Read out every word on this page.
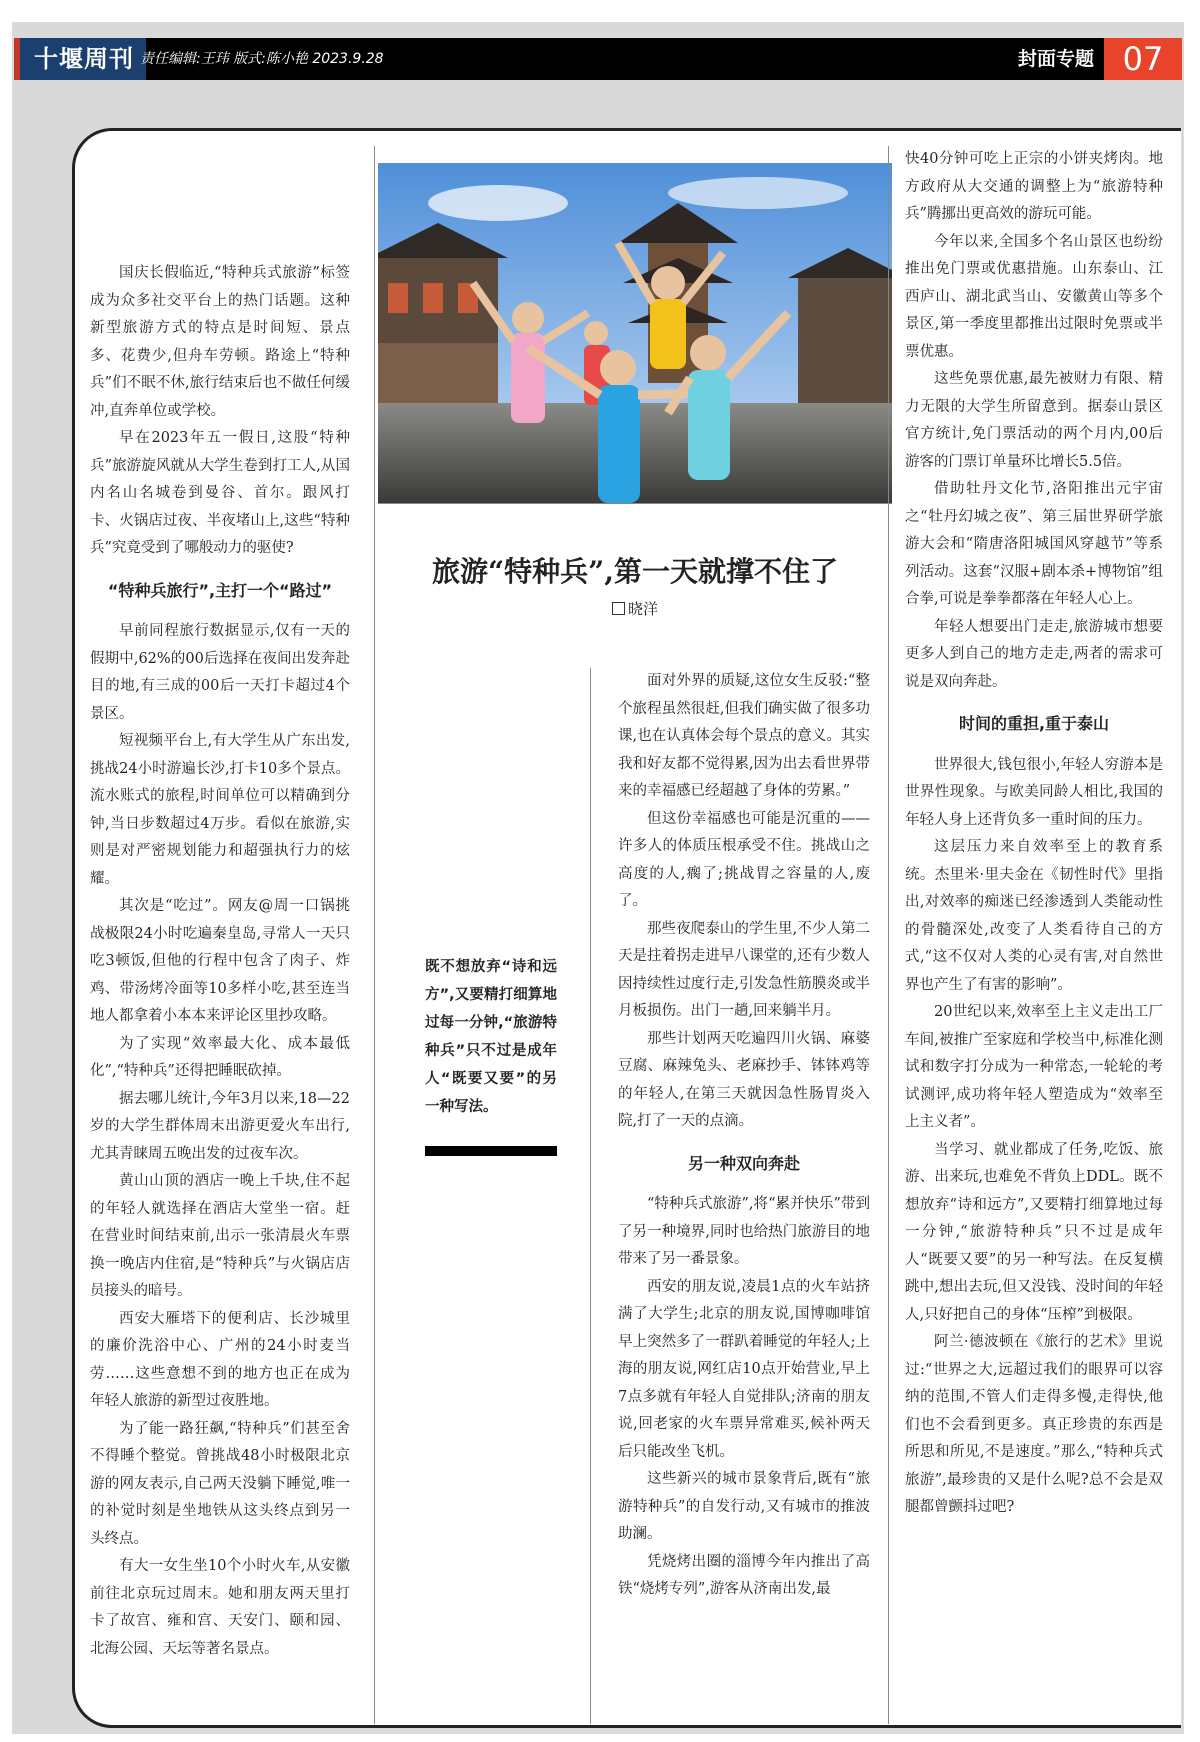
十堰周刊 责任编辑:王玮 版式:陈小艳 2023.9.28	封面专题 07
旅游“特种兵”,第一天就撑不住了
晓洋

国庆长假临近,“特种兵式旅游”标签成为众多社交平台上的热门话题。这种新型旅游方式的特点是时间短、景点多、花费少,但舟车劳顿。路途上“特种兵”们不眠不休,旅行结束后也不做任何缓冲,直奔单位或学校。

早在2023年五一假日,这股“特种兵”旅游旋风就从大学生卷到打工人,从国内名山名城卷到曼谷、首尔。跟风打卡、火锅店过夜、半夜堵山上,这些“特种兵”究竟受到了哪般动力的驱使?

“特种兵旅行”,主打一个“路过”

早前同程旅行数据显示,仅有一天的假期中,62%的00后选择在夜间出发奔赴目的地,有三成的00后一天打卡超过4个景区。

短视频平台上,有大学生从广东出发,挑战24小时游遍长沙,打卡10多个景点。流水账式的旅程,时间单位可以精确到分钟,当日步数超过4万步。看似在旅游,实则是对严密规划能力和超强执行力的炫耀。

其次是“吃过”。网友@周一口锅挑战极限24小时吃遍秦皇岛,寻常人一天只吃3顿饭,但他的行程中包含了肉子、炸鸡、带汤烤冷面等10多样小吃,甚至连当地人都拿着小本本来评论区里抄攻略。

为了实现“效率最大化、成本最低化”,“特种兵”还得把睡眠砍掉。

据去哪儿统计,今年3月以来,18—22岁的大学生群体周末出游更爱火车出行,尤其青睐周五晚出发的过夜车次。

黄山山顶的酒店一晚上千块,住不起的年轻人就选择在酒店大堂坐一宿。赶在营业时间结束前,出示一张清晨火车票换一晚店内住宿,是“特种兵”与火锅店店员接头的暗号。

西安大雁塔下的便利店、长沙城里的廉价洗浴中心、广州的24小时麦当劳……这些意想不到的地方也正在成为年轻人旅游的新型过夜胜地。

为了能一路狂飙,“特种兵”们甚至舍不得睡个整觉。曾挑战48小时极限北京游的网友表示,自己两天没躺下睡觉,唯一的补觉时刻是坐地铁从这头终点到另一头终点。

有大一女生坐10个小时火车,从安徽前往北京玩过周末。她和朋友两天里打卡了故宫、雍和宫、天安门、颐和园、北海公园、天坛等著名景点。

既不想放弃“诗和远方”,又要精打细算地过每一分钟,“旅游特种兵”只不过是成年人“既要又要”的另一种写法。

面对外界的质疑,这位女生反驳:“整个旅程虽然很赶,但我们确实做了很多功课,也在认真体会每个景点的意义。其实我和好友都不觉得累,因为出去看世界带来的幸福感已经超越了身体的劳累。”

但这份幸福感也可能是沉重的——许多人的体质压根承受不住。挑战山之高度的人,瘸了;挑战胃之容量的人,废了。

那些夜爬泰山的学生里,不少人第二天是拄着拐走进早八课堂的,还有少数人因持续性过度行走,引发急性筋膜炎或半月板损伤。出门一趟,回来躺半月。

那些计划两天吃遍四川火锅、麻婆豆腐、麻辣兔头、老麻抄手、钵钵鸡等的年轻人,在第三天就因急性肠胃炎入院,打了一天的点滴。

另一种双向奔赴

“特种兵式旅游”,将“累并快乐”带到了另一种境界,同时也给热门旅游目的地带来了另一番景象。

西安的朋友说,凌晨1点的火车站挤满了大学生;北京的朋友说,国博咖啡馆早上突然多了一群趴着睡觉的年轻人;上海的朋友说,网红店10点开始营业,早上7点多就有年轻人自觉排队;济南的朋友说,回老家的火车票异常难买,候补两天后只能改坐飞机。

这些新兴的城市景象背后,既有“旅游特种兵”的自发行动,又有城市的推波助澜。

凭烧烤出圈的淄博今年内推出了高铁“烧烤专列”,游客从济南出发,最

快40分钟可吃上正宗的小饼夹烤肉。地方政府从大交通的调整上为“旅游特种兵”腾挪出更高效的游玩可能。

今年以来,全国多个名山景区也纷纷推出免门票或优惠措施。山东泰山、江西庐山、湖北武当山、安徽黄山等多个景区,第一季度里都推出过限时免票或半票优惠。

这些免票优惠,最先被财力有限、精力无限的大学生所留意到。据泰山景区官方统计,免门票活动的两个月内,00后游客的门票订单量环比增长5.5倍。

借助牡丹文化节,洛阳推出元宇宙之“牡丹幻城之夜”、第三届世界研学旅游大会和“隋唐洛阳城国风穿越节”等系列活动。这套“汉服+剧本杀+博物馆”组合拳,可说是拳拳都落在年轻人心上。

年轻人想要出门走走,旅游城市想要更多人到自己的地方走走,两者的需求可说是双向奔赴。

时间的重担,重于泰山

世界很大,钱包很小,年轻人穷游本是世界性现象。与欧美同龄人相比,我国的年轻人身上还背负多一重时间的压力。

这层压力来自效率至上的教育系统。杰里米·里夫金在《韧性时代》里指出,对效率的痴迷已经渗透到人类能动性的骨髓深处,改变了人类看待自己的方式,“这不仅对人类的心灵有害,对自然世界也产生了有害的影响”。

20世纪以来,效率至上主义走出工厂车间,被推广至家庭和学校当中,标准化测试和数字打分成为一种常态,一轮轮的考试测评,成功将年轻人塑造成为“效率至上主义者”。

当学习、就业都成了任务,吃饭、旅游、出来玩,也难免不背负上DDL。既不想放弃“诗和远方”,又要精打细算地过每一分钟,“旅游特种兵”只不过是成年人“既要又要”的另一种写法。在反复横跳中,想出去玩,但又没钱、没时间的年轻人,只好把自己的身体“压榨”到极限。

阿兰·德波顿在《旅行的艺术》里说过:“世界之大,远超过我们的眼界可以容纳的范围,不管人们走得多慢,走得快,他们也不会看到更多。真正珍贵的东西是所思和所见,不是速度。”那么,“特种兵式旅游”,最珍贵的又是什么呢?总不会是双腿都曾颤抖过吧?
